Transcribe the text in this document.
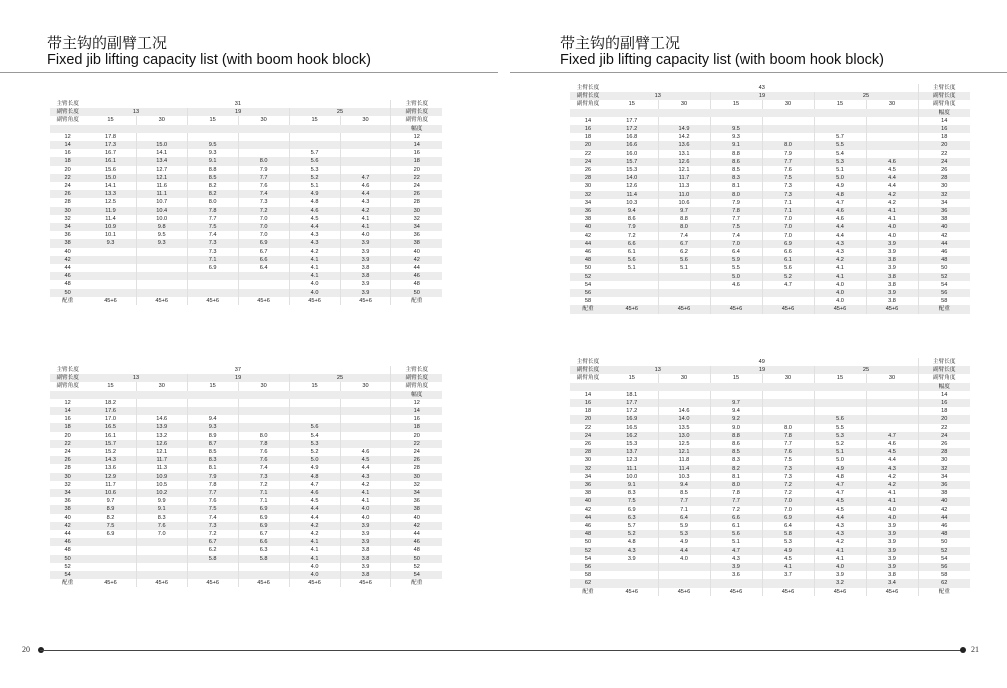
带主钩的副臂工况
Fixed jib lifting capacity list (with boom hook block)
带主钩的副臂工况
Fixed jib lifting capacity list (with boom hook block)
主臂长度	31						主臂长度
副臂长度	13		19		25		副臂长度
副臂角度	15	30	15	30	15	30	副臂角度
							幅度
12	17.8						12
14	17.3	15.0	9.5				14
16	16.7	14.1	9.3		5.7		16
18	16.1	13.4	9.1	8.0	5.6		18
20	15.6	12.7	8.8	7.9	5.3		20
22	15.0	12.1	8.5	7.7	5.2	4.7	22
24	14.1	11.6	8.2	7.6	5.1	4.6	24
26	13.3	11.1	8.2	7.4	4.9	4.4	26
28	12.5	10.7	8.0	7.3	4.8	4.3	28
30	11.9	10.4	7.8	7.2	4.6	4.2	30
32	11.4	10.0	7.7	7.0	4.5	4.1	32
34	10.9	9.8	7.5	7.0	4.4	4.1	34
36	10.1	9.5	7.4	7.0	4.3	4.0	36
38	9.3	9.3	7.3	6.9	4.3	3.9	38
40			7.3	6.7	4.2	3.9	40
42			7.1	6.6	4.1	3.9	42
44			6.9	6.4	4.1	3.8	44
46					4.1	3.8	46
48					4.0	3.9	48
50					4.0	3.9	50
配重	45+6	45+6	45+6	45+6	45+6	45+6	配重
主臂长度	37						主臂长度
副臂长度	13		19		25		副臂长度
副臂角度	15	30	15	30	15	30	副臂角度
							幅度
12	18.2						12
14	17.6						14
16	17.0	14.6	9.4				16
18	16.5	13.9	9.3		5.6		18
20	16.1	13.2	8.9	8.0	5.4		20
22	15.7	12.6	8.7	7.8	5.3		22
24	15.2	12.1	8.5	7.6	5.2	4.6	24
26	14.3	11.7	8.3	7.6	5.0	4.5	26
28	13.6	11.3	8.1	7.4	4.9	4.4	28
30	12.9	10.9	7.9	7.3	4.8	4.3	30
32	11.7	10.5	7.8	7.2	4.7	4.2	32
34	10.6	10.2	7.7	7.1	4.6	4.1	34
36	9.7	9.9	7.6	7.1	4.5	4.1	36
38	8.9	9.1	7.5	6.9	4.4	4.0	38
40	8.2	8.3	7.4	6.9	4.4	4.0	40
42	7.5	7.6	7.3	6.9	4.2	3.9	42
44	6.9	7.0	7.2	6.7	4.2	3.9	44
46			6.7	6.6	4.1	3.9	46
48			6.2	6.3	4.1	3.8	48
50			5.8	5.8	4.1	3.8	50
52					4.0	3.9	52
54					4.0	3.8	54
配重	45+6	45+6	45+6	45+6	45+6	45+6	配重
主臂长度	43						主臂长度
副臂长度	13		19		25		副臂长度
副臂角度	15	30	15	30	15	30	副臂角度
							幅度
14	17.7						14
16	17.2	14.9	9.5				16
18	16.8	14.2	9.3		5.7		18
20	16.6	13.6	9.1	8.0	5.5		20
22	16.0	13.1	8.8	7.9	5.4		22
24	15.7	12.6	8.6	7.7	5.3	4.6	24
26	15.3	12.1	8.5	7.6	5.1	4.5	26
28	14.0	11.7	8.3	7.5	5.0	4.4	28
30	12.6	11.3	8.1	7.3	4.9	4.4	30
32	11.4	11.0	8.0	7.3	4.8	4.2	32
34	10.3	10.6	7.9	7.1	4.7	4.2	34
36	9.4	9.7	7.8	7.1	4.6	4.1	36
38	8.6	8.8	7.7	7.0	4.6	4.1	38
40	7.9	8.0	7.5	7.0	4.4	4.0	40
42	7.2	7.4	7.4	7.0	4.4	4.0	42
44	6.6	6.7	7.0	6.9	4.3	3.9	44
46	6.1	6.2	6.4	6.6	4.3	3.9	46
48	5.6	5.6	5.9	6.1	4.2	3.8	48
50	5.1	5.1	5.5	5.6	4.1	3.9	50
52			5.0	5.2	4.1	3.8	52
54			4.6	4.7	4.0	3.8	54
56					4.0	3.9	56
58					4.0	3.8	58
配重	45+6	45+6	45+6	45+6	45+6	45+6	配重
主臂长度	49						主臂长度
副臂长度	13		19		25		副臂长度
副臂角度	15	30	15	30	15	30	副臂角度
							幅度
14	18.1						14
16	17.7		9.7				16
18	17.2	14.6	9.4				18
20	16.9	14.0	9.2		5.6		20
22	16.5	13.5	9.0	8.0	5.5		22
24	16.2	13.0	8.8	7.8	5.3	4.7	24
26	15.3	12.5	8.6	7.7	5.2	4.6	26
28	13.7	12.1	8.5	7.6	5.1	4.5	28
30	12.3	11.8	8.3	7.5	5.0	4.4	30
32	11.1	11.4	8.2	7.3	4.9	4.3	32
34	10.0	10.3	8.1	7.3	4.8	4.2	34
36	9.1	9.4	8.0	7.2	4.7	4.2	36
38	8.3	8.5	7.8	7.2	4.7	4.1	38
40	7.5	7.7	7.7	7.0	4.5	4.1	40
42	6.9	7.1	7.2	7.0	4.5	4.0	42
44	6.3	6.4	6.6	6.9	4.4	4.0	44
46	5.7	5.9	6.1	6.4	4.3	3.9	46
48	5.2	5.3	5.6	5.8	4.3	3.9	48
50	4.8	4.9	5.1	5.3	4.2	3.9	50
52	4.3	4.4	4.7	4.9	4.1	3.9	52
54	3.9	4.0	4.3	4.5	4.1	3.9	54
56			3.9	4.1	4.0	3.9	56
58			3.6	3.7	3.9	3.8	58
62					3.2	3.4	62
配重	45+6	45+6	45+6	45+6	45+6	45+6	配重
20	21
